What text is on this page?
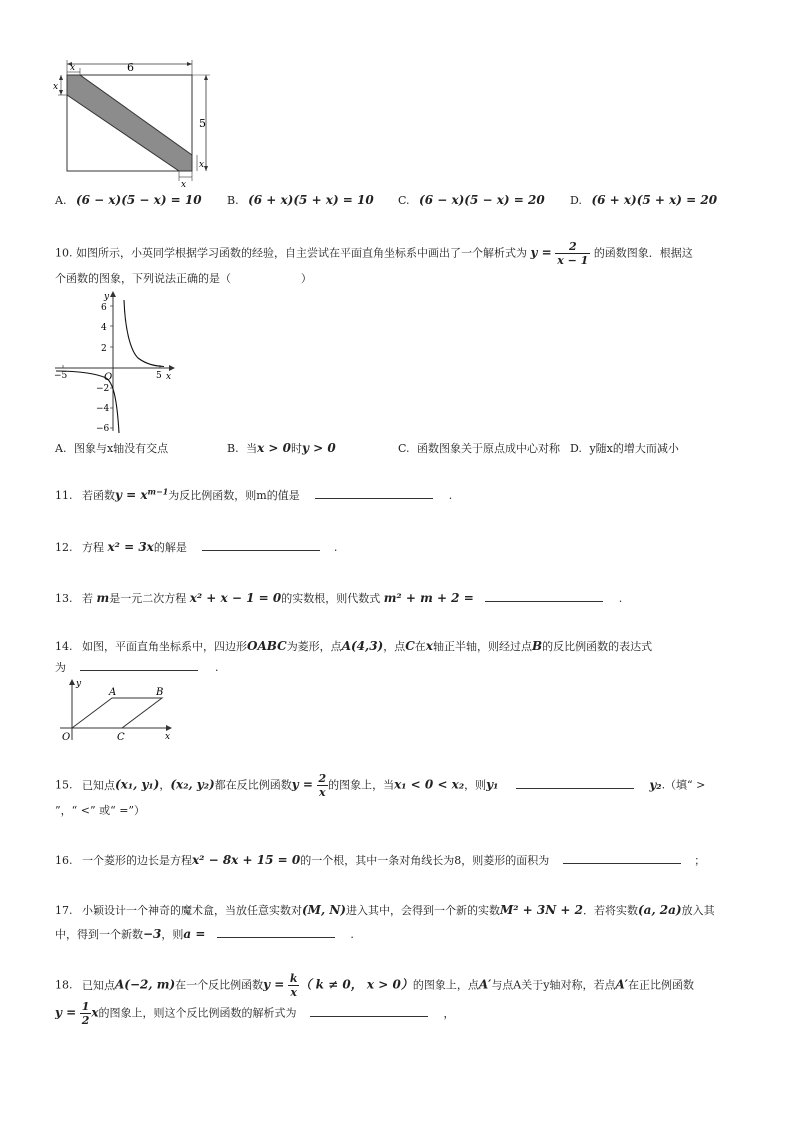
6
x
x
5
x
x
A. (6 − x)(5 − x) = 10 B. (6 + x)(5 + x) = 10 C. (6 − x)(5 − x) = 20 D. (6 + x)(5 + x) = 20
10. 如图所示，小英同学根据学习函数的经验，自主尝试在平面直角坐标系中画出了一个解析式为 $y = \frac{2}{x - 1}$ 的函数图象．根据这
个函数的图象，下列说法正确的是（                    ）
y
x
O
6
4
2
−2
−4
−6
−5	5
A. 图象与x轴没有交点	B. 当x > 0时y > 0	C. 函数图象关于原点成中心对称 D. y随x的增大而减小
11. 若函数$y = x^{m-1}$为反比例函数，则m的值是	.
12. 方程 x² = 3x的解是	.
13. 若 m是一元二次方程 x² + x − 1 = 0的实数根，则代数式 m² + m + 2 =	.
14. 如图，平面直角坐标系中，四边形OABC为菱形，点A(4,3)，点C在x轴正半轴，则经过点B的反比例函数的表达式
为	.
y
x
O
A	B
C
15. 已知点(x₁, y₁)，(x₂, y₂)都在反比例函数$y = \frac{2}{x}$ 的图象上，当x₁ < 0 < x₂，则y₁	y₂.（填“ >
”，“ <” 或“ =”）
16. 一个菱形的边长是方程x² − 8x + 15 = 0的一个根，其中一条对角线长为8，则菱形的面积为	；
17. 小颖设计一个神奇的魔术盒，当放任意实数对(M, N)进入其中，会得到一个新的实数M² + 3N + 2．若将实数(a, 2a)放入其
中，得到一个新数−3，则a =	.
18. 已知点A(−2, m)在一个反比例函数$y = \frac{k}{x}$ （ k ≠ 0， x > 0）的图象上，点A′与点A关于y轴对称，若点A′在正比例函数
$y = \frac{1}{2}$ x的图象上，则这个反比例函数的解析式为	，
